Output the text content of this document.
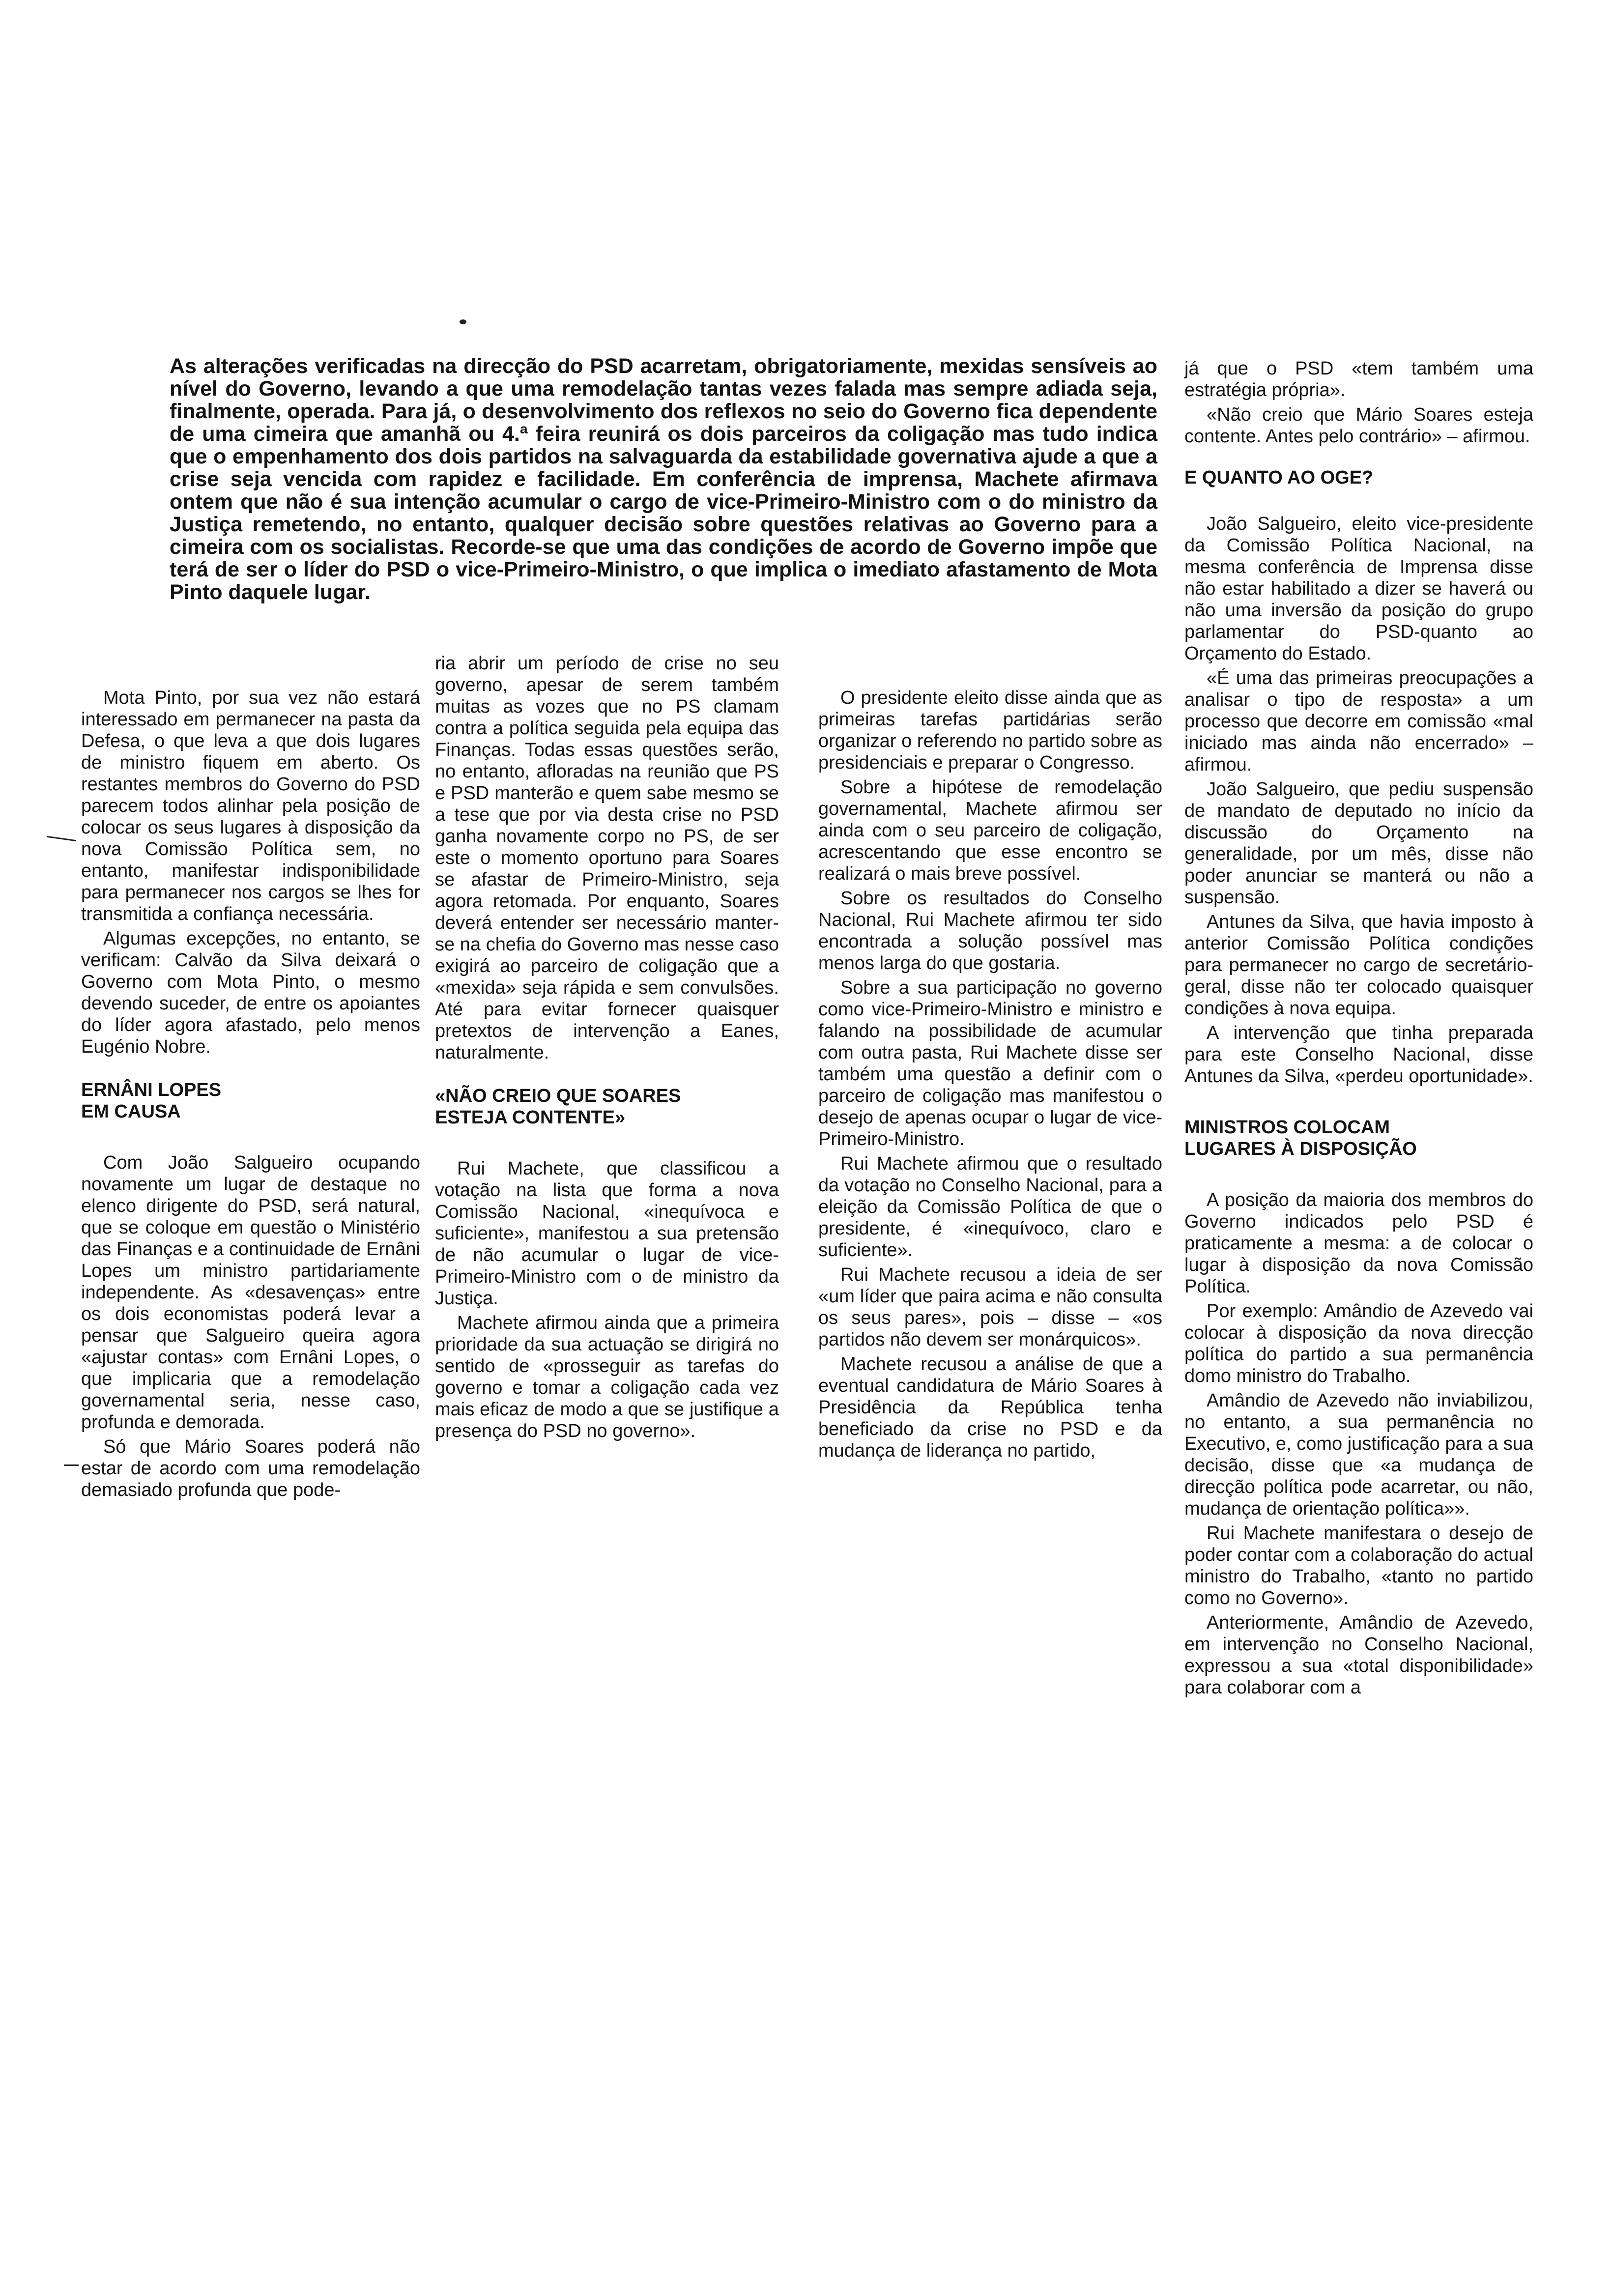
As alterações verificadas na direcção do PSD acarretam, obrigatoriamente, mexidas sensíveis ao nível do Governo, levando a que uma remodelação tantas vezes falada mas sempre adiada seja, finalmente, operada. Para já, o desenvolvimento dos reflexos no seio do Governo fica dependente de uma cimeira que amanhã ou 4.ª feira reunirá os dois parceiros da coligação mas tudo indica que o empenhamento dos dois partidos na salvaguarda da estabilidade governativa ajude a que a crise seja vencida com rapidez e facilidade. Em conferência de imprensa, Machete afirmava ontem que não é sua intenção acumular o cargo de vice-Primeiro-Ministro com o do ministro da Justiça remetendo, no entanto, qualquer decisão sobre questões relativas ao Governo para a cimeira com os socialistas. Recorde-se que uma das condições de acordo de Governo impõe que terá de ser o líder do PSD o vice-Primeiro-Ministro, o que implica o imediato afastamento de Mota Pinto daquele lugar.

Mota Pinto, por sua vez não estará interessado em permanecer na pasta da Defesa, o que leva a que dois lugares de ministro fiquem em aberto. Os restantes membros do Governo do PSD parecem todos alinhar pela posição de colocar os seus lugares à disposição da nova Comissão Política sem, no entanto, manifestar indisponibilidade para permanecer nos cargos se lhes for transmitida a confiança necessária.

Algumas excepções, no entanto, se verificam: Calvão da Silva deixará o Governo com Mota Pinto, o mesmo devendo suceder, de entre os apoiantes do líder agora afastado, pelo menos Eugénio Nobre.

ERNÂNI LOPES
EM CAUSA

Com João Salgueiro ocupando novamente um lugar de destaque no elenco dirigente do PSD, será natural, que se coloque em questão o Ministério das Finanças e a continuidade de Ernâni Lopes um ministro partidariamente independente. As «desavenças» entre os dois economistas poderá levar a pensar que Salgueiro queira agora «ajustar contas» com Ernâni Lopes, o que implicaria que a remodelação governamental seria, nesse caso, profunda e demorada.

Só que Mário Soares poderá não estar de acordo com uma remodelação demasiado profunda que pode-

ria abrir um período de crise no seu governo, apesar de serem também muitas as vozes que no PS clamam contra a política seguida pela equipa das Finanças. Todas essas questões serão, no entanto, afloradas na reunião que PS e PSD manterão e quem sabe mesmo se a tese que por via desta crise no PSD ganha novamente corpo no PS, de ser este o momento oportuno para Soares se afastar de Primeiro-Ministro, seja agora retomada. Por enquanto, Soares deverá entender ser necessário manter-se na chefia do Governo mas nesse caso exigirá ao parceiro de coligação que a «mexida» seja rápida e sem convulsões. Até para evitar fornecer quaisquer pretextos de intervenção a Eanes, naturalmente.

«NÃO CREIO QUE SOARES
ESTEJA CONTENTE»

Rui Machete, que classificou a votação na lista que forma a nova Comissão Nacional, «inequívoca e suficiente», manifestou a sua pretensão de não acumular o lugar de vice-Primeiro-Ministro com o de ministro da Justiça.

Machete afirmou ainda que a primeira prioridade da sua actuação se dirigirá no sentido de «prosseguir as tarefas do governo e tomar a coligação cada vez mais eficaz de modo a que se justifique a presença do PSD no governo».

O presidente eleito disse ainda que as primeiras tarefas partidárias serão organizar o referendo no partido sobre as presidenciais e preparar o Congresso.

Sobre a hipótese de remodelação governamental, Machete afirmou ser ainda com o seu parceiro de coligação, acrescentando que esse encontro se realizará o mais breve possível.

Sobre os resultados do Conselho Nacional, Rui Machete afirmou ter sido encontrada a solução possível mas menos larga do que gostaria.

Sobre a sua participação no governo como vice-Primeiro-Ministro e ministro e falando na possibilidade de acumular com outra pasta, Rui Machete disse ser também uma questão a definir com o parceiro de coligação mas manifestou o desejo de apenas ocupar o lugar de vice-Primeiro-Ministro.

Rui Machete afirmou que o resultado da votação no Conselho Nacional, para a eleição da Comissão Política de que o presidente, é «inequívoco, claro e suficiente».

Rui Machete recusou a ideia de ser «um líder que paira acima e não consulta os seus pares», pois – disse – «os partidos não devem ser monárquicos».

Machete recusou a análise de que a eventual candidatura de Mário Soares à Presidência da República tenha beneficiado da crise no PSD e da mudança de liderança no partido,

já que o PSD «tem também uma estratégia própria».

«Não creio que Mário Soares esteja contente. Antes pelo contrário» – afirmou.

E QUANTO AO OGE?

João Salgueiro, eleito vice-presidente da Comissão Política Nacional, na mesma conferência de Imprensa disse não estar habilitado a dizer se haverá ou não uma inversão da posição do grupo parlamentar do PSD-quanto ao Orçamento do Estado.

«É uma das primeiras preocupações a analisar o tipo de resposta» a um processo que decorre em comissão «mal iniciado mas ainda não encerrado» – afirmou.

João Salgueiro, que pediu suspensão de mandato de deputado no início da discussão do Orçamento na generalidade, por um mês, disse não poder anunciar se manterá ou não a suspensão.

Antunes da Silva, que havia imposto à anterior Comissão Política condições para permanecer no cargo de secretário-geral, disse não ter colocado quaisquer condições à nova equipa.

A intervenção que tinha preparada para este Conselho Nacional, disse Antunes da Silva, «perdeu oportunidade».

MINISTROS COLOCAM
LUGARES À DISPOSIÇÃO

A posição da maioria dos membros do Governo indicados pelo PSD é praticamente a mesma: a de colocar o lugar à disposição da nova Comissão Política.

Por exemplo: Amândio de Azevedo vai colocar à disposição da nova direcção política do partido a sua permanência domo ministro do Trabalho.

Amândio de Azevedo não inviabilizou, no entanto, a sua permanência no Executivo, e, como justificação para a sua decisão, disse que «a mudança de direcção política pode acarretar, ou não, mudança de orientação política»».

Rui Machete manifestara o desejo de poder contar com a colaboração do actual ministro do Trabalho, «tanto no partido como no Governo».

Anteriormente, Amândio de Azevedo, em intervenção no Conselho Nacional, expressou a sua «total disponibilidade» para colaborar com a
